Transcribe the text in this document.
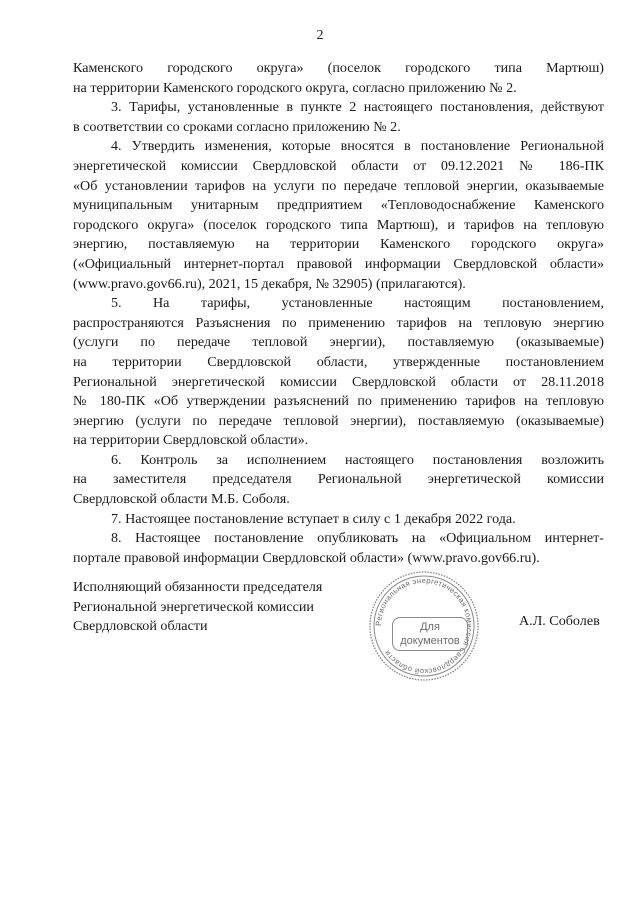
2
Каменского городского округа» (поселок городского типа Мартюш)
на территории Каменского городского округа, согласно приложению № 2.
3. Тарифы, установленные в пункте 2 настоящего постановления, действуют
в соответствии со сроками согласно приложению № 2.
4. Утвердить изменения, которые вносятся в постановление Региональной
энергетической комиссии Свердловской области от 09.12.2021 № 186-ПК
«Об установлении тарифов на услуги по передаче тепловой энергии, оказываемые
муниципальным унитарным предприятием «Тепловодоснабжение Каменского
городского округа» (поселок городского типа Мартюш), и тарифов на тепловую
энергию, поставляемую на территории Каменского городского округа»
(«Официальный интернет-портал правовой информации Свердловской области»
(www.pravo.gov66.ru), 2021, 15 декабря, № 32905) (прилагаются).
5. На тарифы, установленные настоящим постановлением,
распространяются Разъяснения по применению тарифов на тепловую энергию
(услуги по передаче тепловой энергии), поставляемую (оказываемые)
на территории Свердловской области, утвержденные постановлением
Региональной энергетической комиссии Свердловской области от 28.11.2018
№ 180-ПК «Об утверждении разъяснений по применению тарифов на тепловую
энергию (услуги по передаче тепловой энергии), поставляемую (оказываемые)
на территории Свердловской области».
6. Контроль за исполнением настоящего постановления возложить
на заместителя председателя Региональной энергетической комиссии
Свердловской области М.Б. Соболя.
7. Настоящее постановление вступает в силу с 1 декабря 2022 года.
8. Настоящее постановление опубликовать на «Официальном интернет-
портале правовой информации Свердловской области» (www.pravo.gov66.ru).
Исполняющий обязанности председателя
Региональной энергетической комиссии
Свердловской области	Региональная энергетическая комиссия Свердловской области
Для
документов
А.Л. Соболев
